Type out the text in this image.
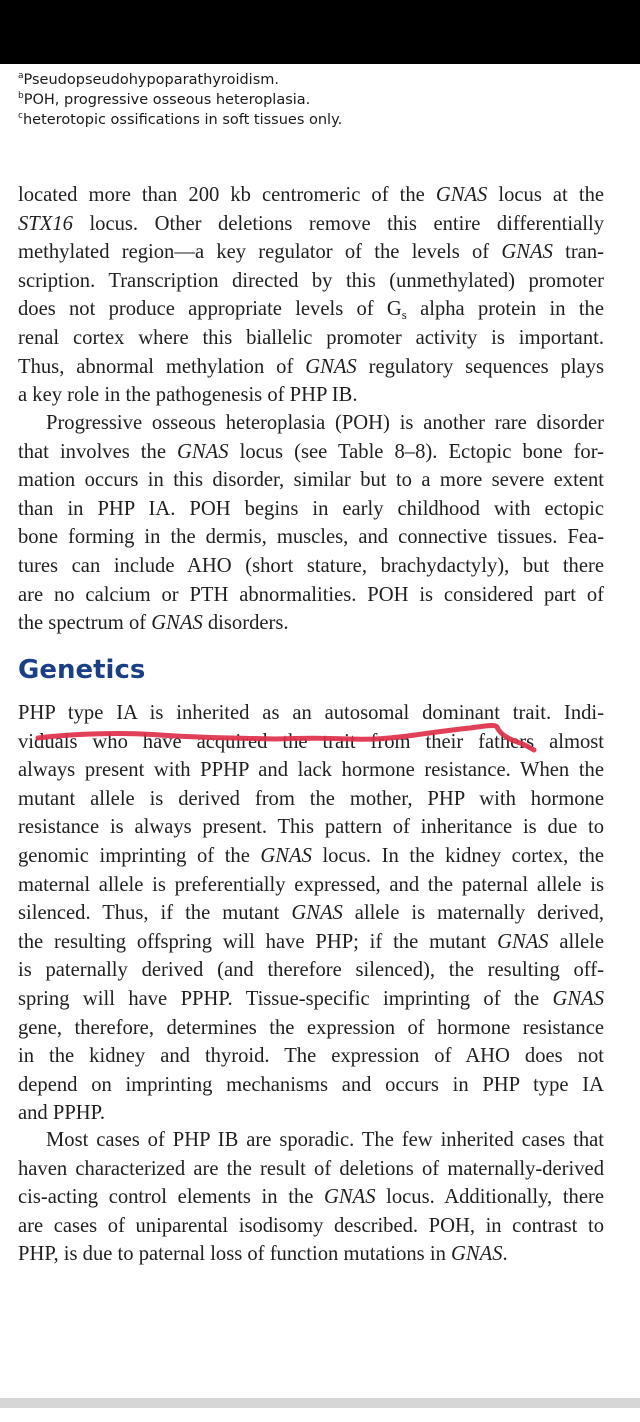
$^a$Pseudopseudohypoparathyroidism.
$^b$POH, progressive osseous heteroplasia.
$^c$heterotopic ossifications in soft tissues only.
located more than 200 kb centromeric of the GNAS locus at the
STX16 locus. Other deletions remove this entire differentially
methylated region—a key regulator of the levels of GNAS tran-
scription. Transcription directed by this (unmethylated) promoter
does not produce appropriate levels of $G_s$ alpha protein in the
renal cortex where this biallelic promoter activity is important.
Thus, abnormal methylation of GNAS regulatory sequences plays
a key role in the pathogenesis of PHP IB.
Progressive osseous heteroplasia (POH) is another rare disorder
that involves the GNAS locus (see Table 8–8). Ectopic bone for-
mation occurs in this disorder, similar but to a more severe extent
than in PHP IA. POH begins in early childhood with ectopic
bone forming in the dermis, muscles, and connective tissues. Fea-
tures can include AHO (short stature, brachydactyly), but there
are no calcium or PTH abnormalities. POH is considered part of
the spectrum of GNAS disorders.
Genetics
PHP type IA is inherited as an autosomal dominant trait. Indi-
viduals who have acquired the trait from their fathers almost
always present with PPHP and lack hormone resistance. When the
mutant allele is derived from the mother, PHP with hormone
resistance is always present. This pattern of inheritance is due to
genomic imprinting of the GNAS locus. In the kidney cortex, the
maternal allele is preferentially expressed, and the paternal allele is
silenced. Thus, if the mutant GNAS allele is maternally derived,
the resulting offspring will have PHP; if the mutant GNAS allele
is paternally derived (and therefore silenced), the resulting off-
spring will have PPHP. Tissue-specific imprinting of the GNAS
gene, therefore, determines the expression of hormone resistance
in the kidney and thyroid. The expression of AHO does not
depend on imprinting mechanisms and occurs in PHP type IA
and PPHP.
Most cases of PHP IB are sporadic. The few inherited cases that
haven characterized are the result of deletions of maternally-derived
cis-acting control elements in the GNAS locus. Additionally, there
are cases of uniparental isodisomy described. POH, in contrast to
PHP, is due to paternal loss of function mutations in GNAS.
